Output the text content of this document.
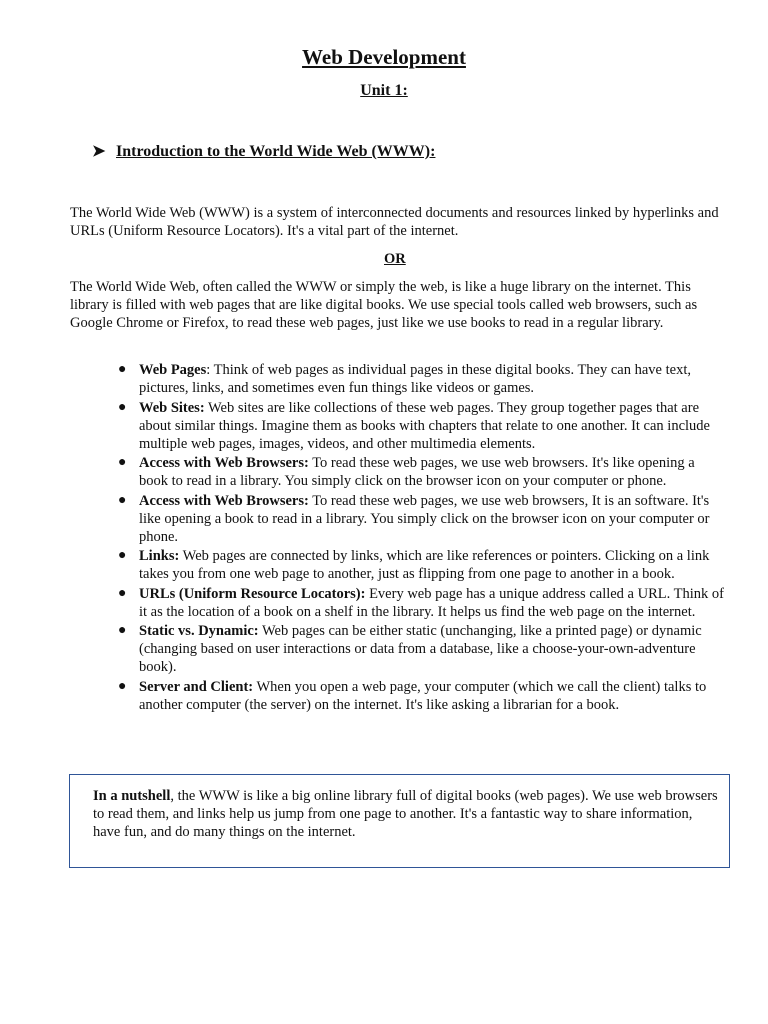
Web Development
Unit 1:
➤ Introduction to the World Wide Web (WWW):

The World Wide Web (WWW) is a system of interconnected documents and resources linked by hyperlinks and URLs (Uniform Resource Locators). It's a vital part of the internet.

OR

The World Wide Web, often called the WWW or simply the web, is like a huge library on the internet. This library is filled with web pages that are like digital books. We use special tools called web browsers, such as Google Chrome or Firefox, to read these web pages, just like we use books to read in a regular library.

● Web Pages: Think of web pages as individual pages in these digital books. They can have text, pictures, links, and sometimes even fun things like videos or games.
● Web Sites: Web sites are like collections of these web pages. They group together pages that are about similar things. Imagine them as books with chapters that relate to one another. It can include multiple web pages, images, videos, and other multimedia elements.
● Access with Web Browsers: To read these web pages, we use web browsers. It's like opening a book to read in a library. You simply click on the browser icon on your computer or phone.
● Access with Web Browsers: To read these web pages, we use web browsers, It is an software. It's like opening a book to read in a library. You simply click on the browser icon on your computer or phone.
● Links: Web pages are connected by links, which are like references or pointers. Clicking on a link takes you from one web page to another, just as flipping from one page to another in a book.
● URLs (Uniform Resource Locators): Every web page has a unique address called a URL. Think of it as the location of a book on a shelf in the library. It helps us find the web page on the internet.
● Static vs. Dynamic: Web pages can be either static (unchanging, like a printed page) or dynamic (changing based on user interactions or data from a database, like a choose-your-own-adventure book).
● Server and Client: When you open a web page, your computer (which we call the client) talks to another computer (the server) on the internet. It's like asking a librarian for a book.

In a nutshell, the WWW is like a big online library full of digital books (web pages). We use web browsers to read them, and links help us jump from one page to another. It's a fantastic way to share information, have fun, and do many things on the internet.
